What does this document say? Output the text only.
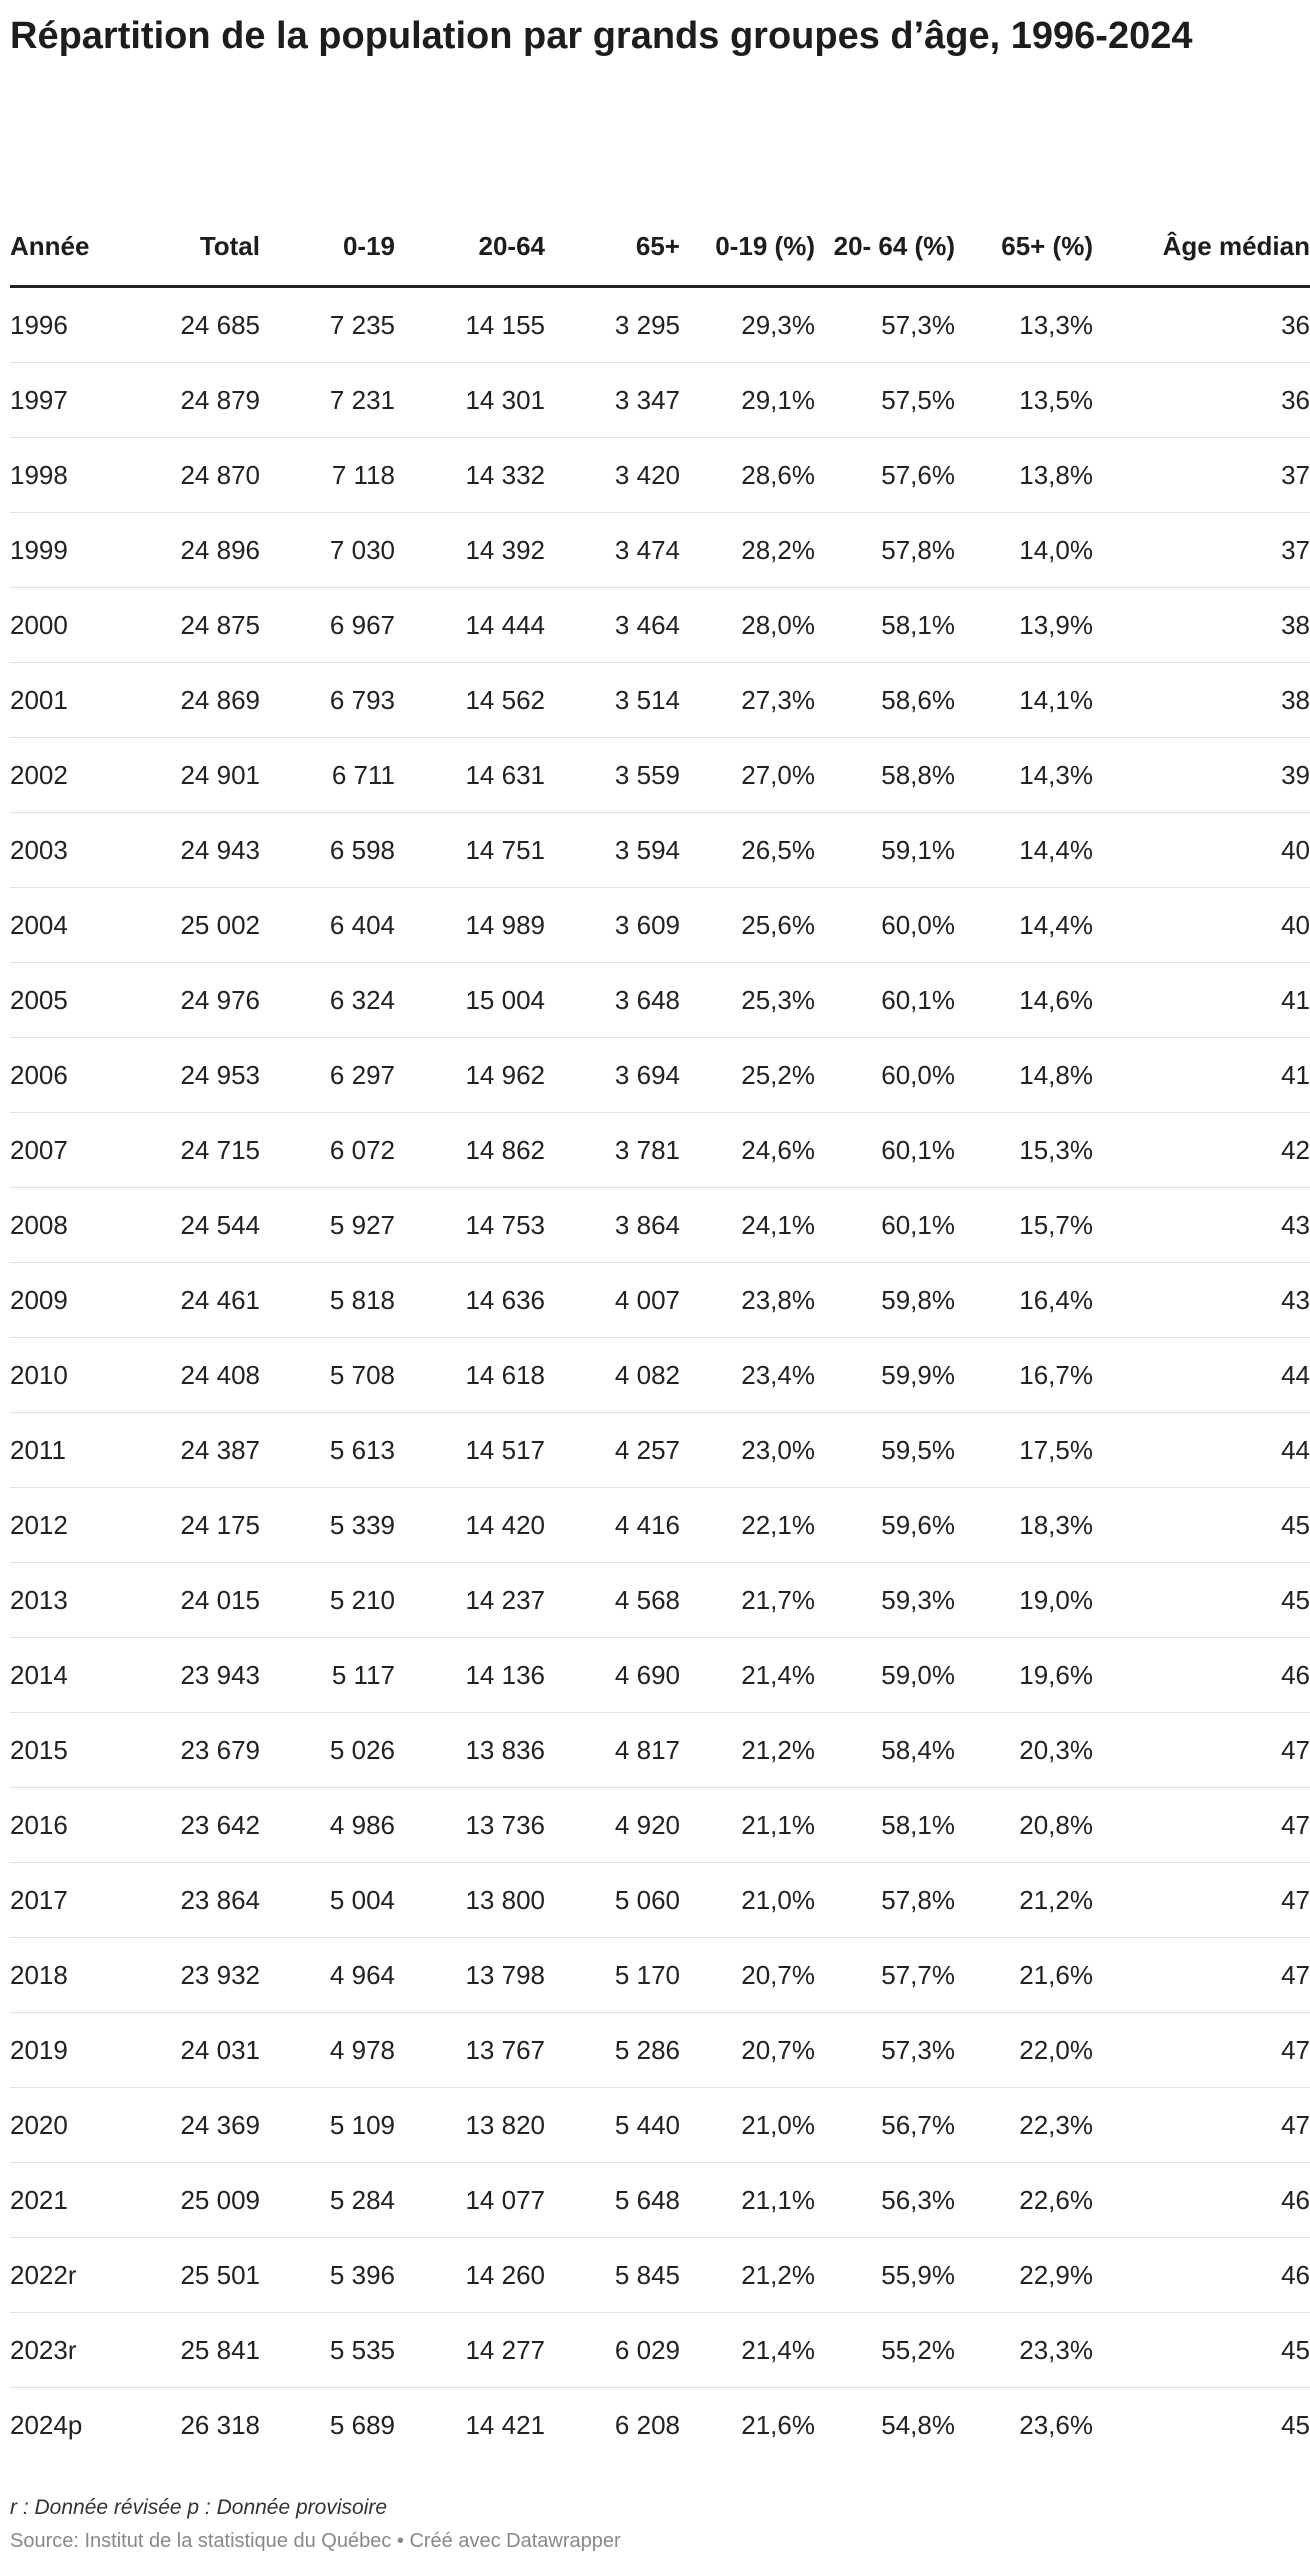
Répartition de la population par grands groupes d’âge, 1996-2024
Année	Total	0-19	20-64	65+	0-19 (%)	20- 64 (%)	65+ (%)	Âge médian
1996	24 685	7 235	14 155	3 295	29,3%	57,3%	13,3%	36
1997	24 879	7 231	14 301	3 347	29,1%	57,5%	13,5%	36
1998	24 870	7 118	14 332	3 420	28,6%	57,6%	13,8%	37
1999	24 896	7 030	14 392	3 474	28,2%	57,8%	14,0%	37
2000	24 875	6 967	14 444	3 464	28,0%	58,1%	13,9%	38
2001	24 869	6 793	14 562	3 514	27,3%	58,6%	14,1%	38
2002	24 901	6 711	14 631	3 559	27,0%	58,8%	14,3%	39
2003	24 943	6 598	14 751	3 594	26,5%	59,1%	14,4%	40
2004	25 002	6 404	14 989	3 609	25,6%	60,0%	14,4%	40
2005	24 976	6 324	15 004	3 648	25,3%	60,1%	14,6%	41
2006	24 953	6 297	14 962	3 694	25,2%	60,0%	14,8%	41
2007	24 715	6 072	14 862	3 781	24,6%	60,1%	15,3%	42
2008	24 544	5 927	14 753	3 864	24,1%	60,1%	15,7%	43
2009	24 461	5 818	14 636	4 007	23,8%	59,8%	16,4%	43
2010	24 408	5 708	14 618	4 082	23,4%	59,9%	16,7%	44
2011	24 387	5 613	14 517	4 257	23,0%	59,5%	17,5%	44
2012	24 175	5 339	14 420	4 416	22,1%	59,6%	18,3%	45
2013	24 015	5 210	14 237	4 568	21,7%	59,3%	19,0%	45
2014	23 943	5 117	14 136	4 690	21,4%	59,0%	19,6%	46
2015	23 679	5 026	13 836	4 817	21,2%	58,4%	20,3%	47
2016	23 642	4 986	13 736	4 920	21,1%	58,1%	20,8%	47
2017	23 864	5 004	13 800	5 060	21,0%	57,8%	21,2%	47
2018	23 932	4 964	13 798	5 170	20,7%	57,7%	21,6%	47
2019	24 031	4 978	13 767	5 286	20,7%	57,3%	22,0%	47
2020	24 369	5 109	13 820	5 440	21,0%	56,7%	22,3%	47
2021	25 009	5 284	14 077	5 648	21,1%	56,3%	22,6%	46
2022r	25 501	5 396	14 260	5 845	21,2%	55,9%	22,9%	46
2023r	25 841	5 535	14 277	6 029	21,4%	55,2%	23,3%	45
2024p	26 318	5 689	14 421	6 208	21,6%	54,8%	23,6%	45
r : Donnée révisée p : Donnée provisoire
Source: Institut de la statistique du Québec • Créé avec Datawrapper
